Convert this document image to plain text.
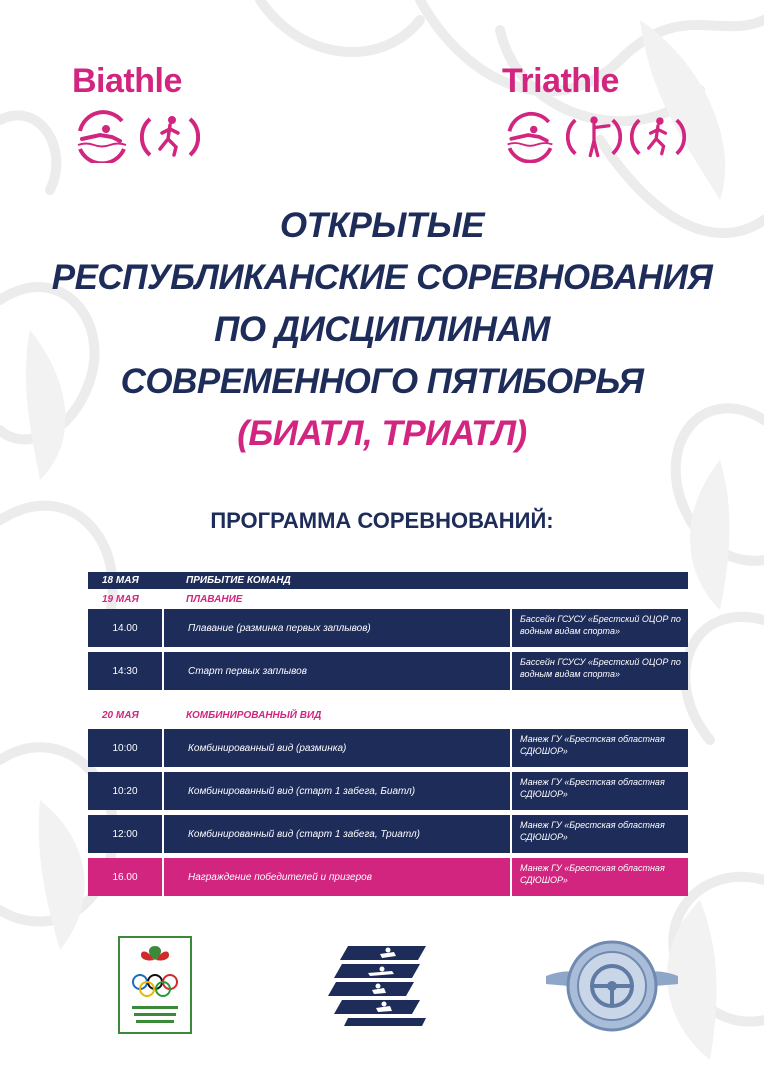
Biathle	Triathle
ОТКРЫТЫЕ
РЕСПУБЛИКАНСКИЕ СОРЕВНОВАНИЯ
ПО ДИСЦИПЛИНАМ
СОВРЕМЕННОГО ПЯТИБОРЬЯ
(БИАТЛ, ТРИАТЛ)
ПРОГРАММА СОРЕВНОВАНИЙ:
18 МАЯ	ПРИБЫТИЕ КОМАНД
19 МАЯ	ПЛАВАНИЕ
14.00	Плавание (разминка первых заплывов)
Бассейн ГСУСУ «Брестский ОЦОР по водным видам спорта»
14:30	Старт первых заплывов
Бассейн ГСУСУ «Брестский ОЦОР по водным видам спорта»
20 МАЯ	КОМБИНИРОВАННЫЙ ВИД
10:00	Комбинированный вид (разминка)
Манеж ГУ «Брестская областная СДЮШОР»
10:20	Комбинированный вид (старт 1 забега, Биатл)
Манеж ГУ «Брестская областная СДЮШОР»
12:00	Комбинированный вид (старт 1 забега, Триатл)
Манеж ГУ «Брестская областная СДЮШОР»
16.00	Награждение победителей и призеров
Манеж ГУ «Брестская областная СДЮШОР»
